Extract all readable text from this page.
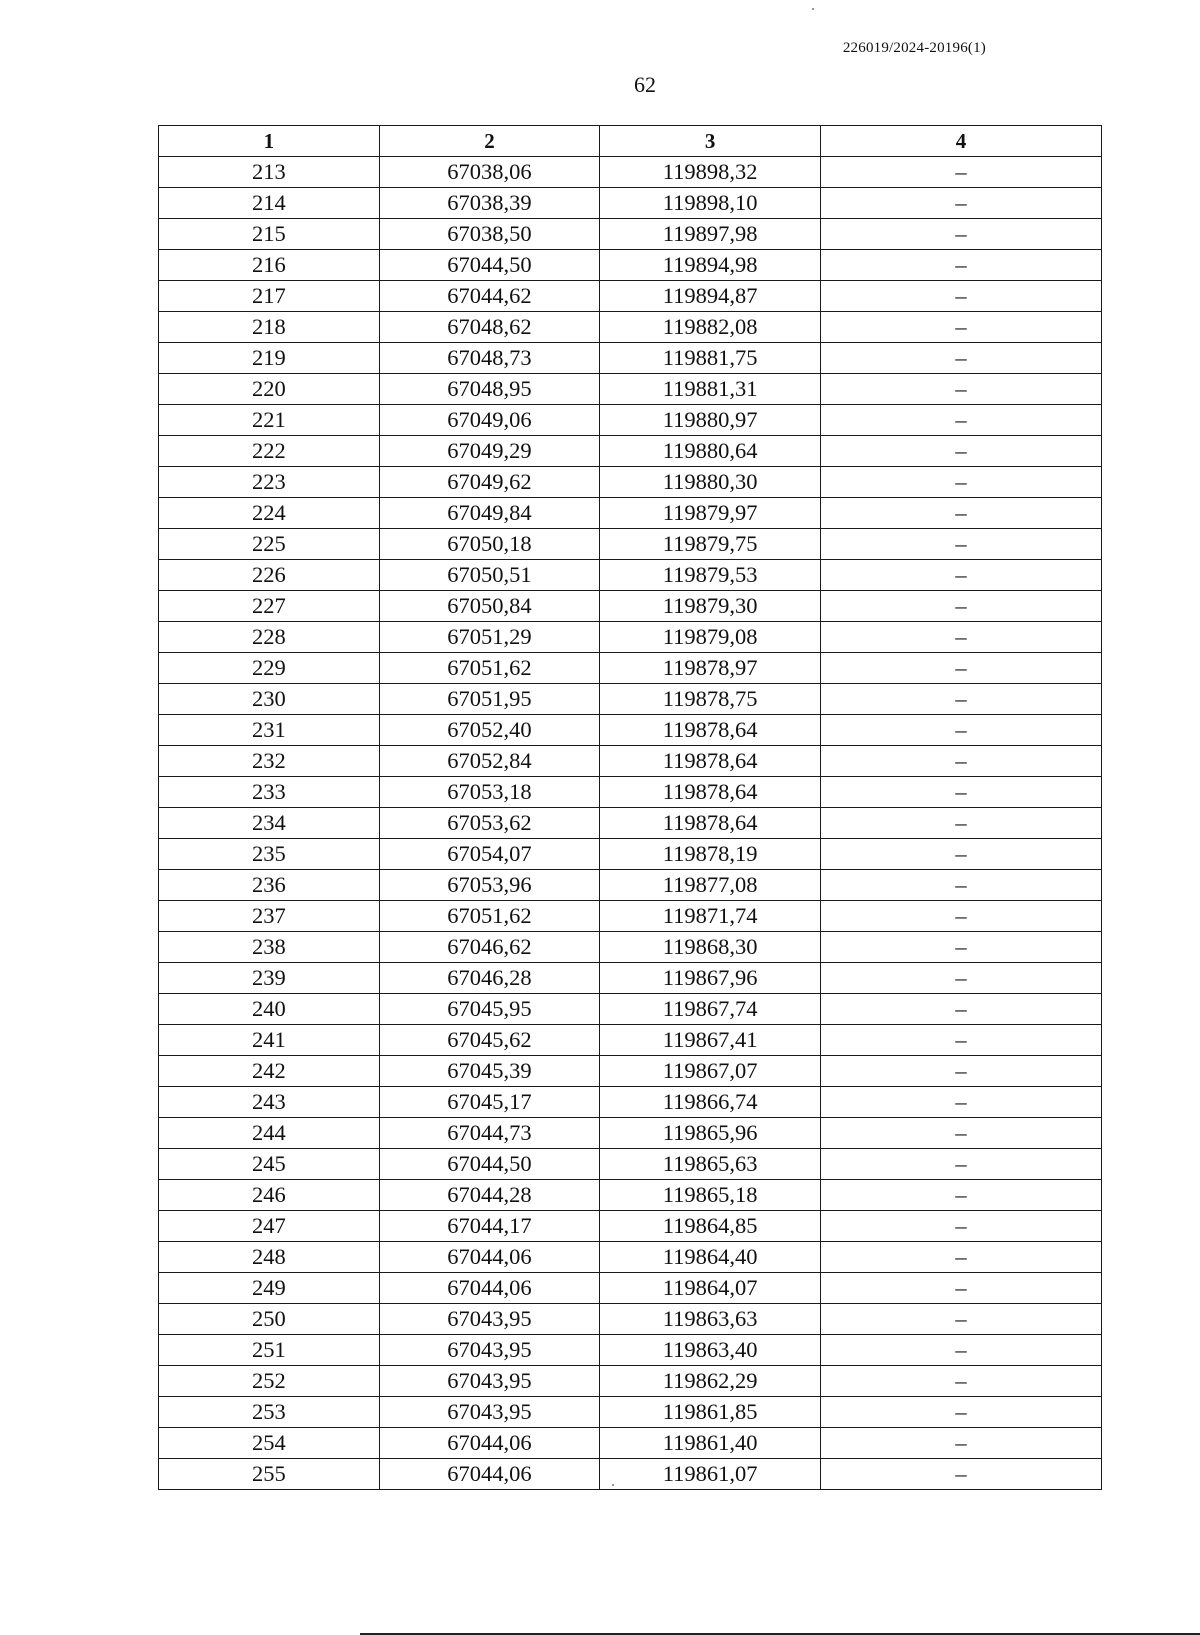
226019/2024-20196(1)
62
1	2	3	4
213	67038,06	119898,32	–
214	67038,39	119898,10	–
215	67038,50	119897,98	–
216	67044,50	119894,98	–
217	67044,62	119894,87	–
218	67048,62	119882,08	–
219	67048,73	119881,75	–
220	67048,95	119881,31	–
221	67049,06	119880,97	–
222	67049,29	119880,64	–
223	67049,62	119880,30	–
224	67049,84	119879,97	–
225	67050,18	119879,75	–
226	67050,51	119879,53	–
227	67050,84	119879,30	–
228	67051,29	119879,08	–
229	67051,62	119878,97	–
230	67051,95	119878,75	–
231	67052,40	119878,64	–
232	67052,84	119878,64	–
233	67053,18	119878,64	–
234	67053,62	119878,64	–
235	67054,07	119878,19	–
236	67053,96	119877,08	–
237	67051,62	119871,74	–
238	67046,62	119868,30	–
239	67046,28	119867,96	–
240	67045,95	119867,74	–
241	67045,62	119867,41	–
242	67045,39	119867,07	–
243	67045,17	119866,74	–
244	67044,73	119865,96	–
245	67044,50	119865,63	–
246	67044,28	119865,18	–
247	67044,17	119864,85	–
248	67044,06	119864,40	–
249	67044,06	119864,07	–
250	67043,95	119863,63	–
251	67043,95	119863,40	–
252	67043,95	119862,29	–
253	67043,95	119861,85	–
254	67044,06	119861,40	–
255	67044,06	119861,07	–
